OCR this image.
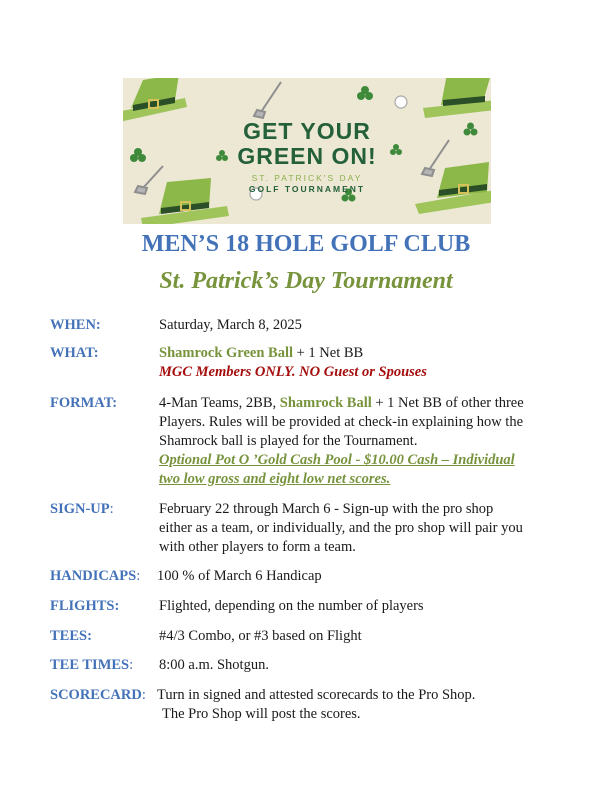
GET YOUR
GREEN ON!
ST. PATRICK'S DAY
GOLF TOURNAMENT
MEN’S 18 HOLE GOLF CLUB
St. Patrick’s Day Tournament
WHEN:	Saturday, March 8, 2025
WHAT:	Shamrock Green Ball + 1 Net BB
MGC Members ONLY. NO Guest or Spouses
FORMAT:	4-Man Teams, 2BB, Shamrock Ball + 1 Net BB of other three
Players. Rules will be provided at check-in explaining how the
Shamrock ball is played for the Tournament.
Optional Pot O ’Gold Cash Pool - $10.00 Cash – Individual
two low gross and eight low net scores.
SIGN-UP:	February 22 through March 6 - Sign-up with the pro shop
either as a team, or individually, and the pro shop will pair you
with other players to form a team.
HANDICAPS: 100 % of March 6 Handicap
FLIGHTS:	Flighted, depending on the number of players
TEES:	#4/3 Combo, or #3 based on Flight
TEE TIMES: 8:00 a.m. Shotgun.
SCORECARD: Turn in signed and attested scorecards to the Pro Shop.
The Pro Shop will post the scores.
